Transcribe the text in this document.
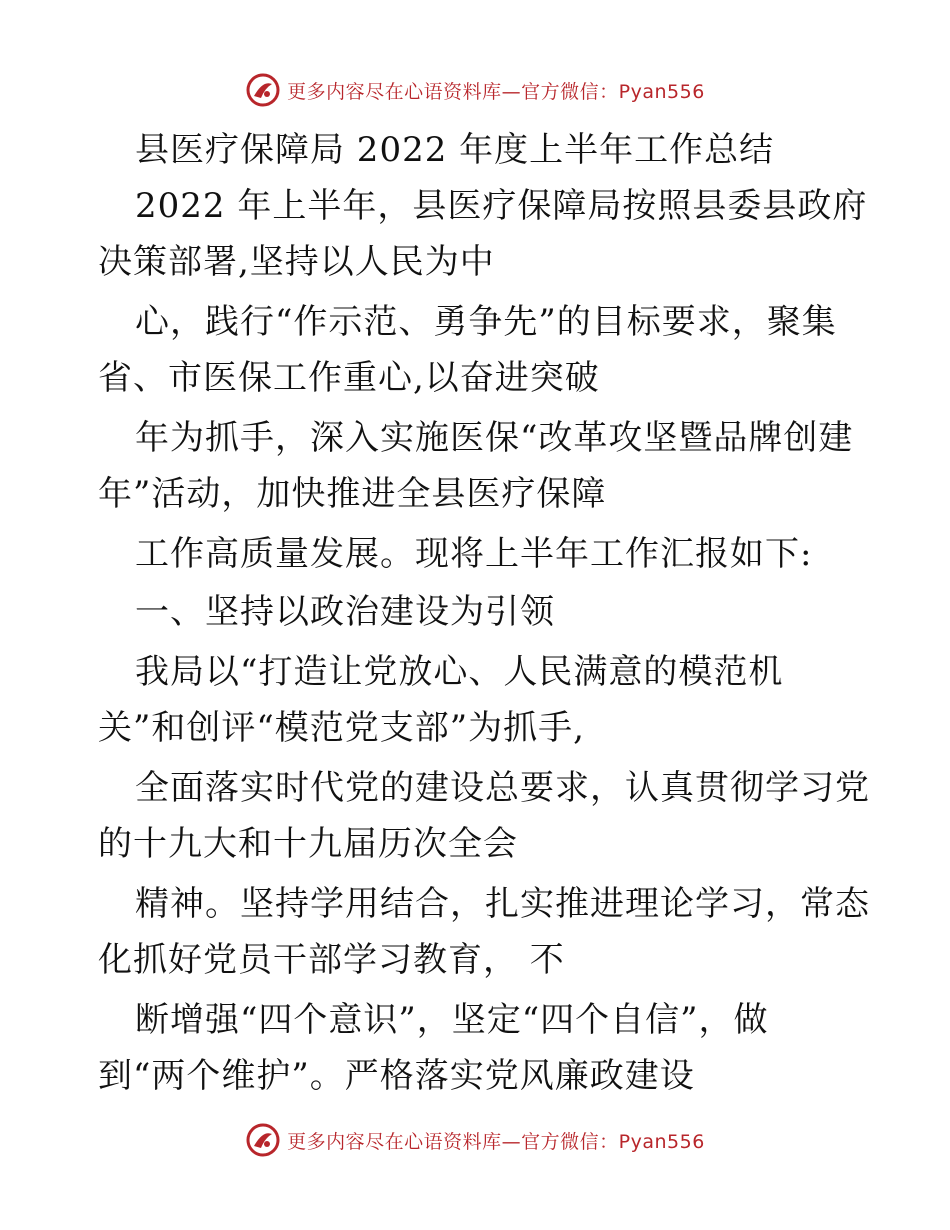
更多内容尽在心语资料库—官方微信：Pyan556
县医疗保障局 2022 年度上半年工作总结
2022 年上半年，县医疗保障局按照县委县政府
决策部署,坚持以人民为中
心，践行“作示范、勇争先”的目标要求，聚集
省、市医保工作重心,以奋进突破
年为抓手，深入实施医保“改革攻坚暨品牌创建
年”活动，加快推进全县医疗保障
工作高质量发展。现将上半年工作汇报如下:
一、坚持以政治建设为引领
我局以“打造让党放心、人民满意的模范机
关”和创评“模范党支部”为抓手,
全面落实时代党的建设总要求，认真贯彻学习党
的十九大和十九届历次全会
精神。坚持学用结合，扎实推进理论学习，常态
化抓好党员干部学习教育， 不
断增强“四个意识”，坚定“四个自信”，做
到“两个维护”。严格落实党风廉政建设
更多内容尽在心语资料库—官方微信：Pyan556
